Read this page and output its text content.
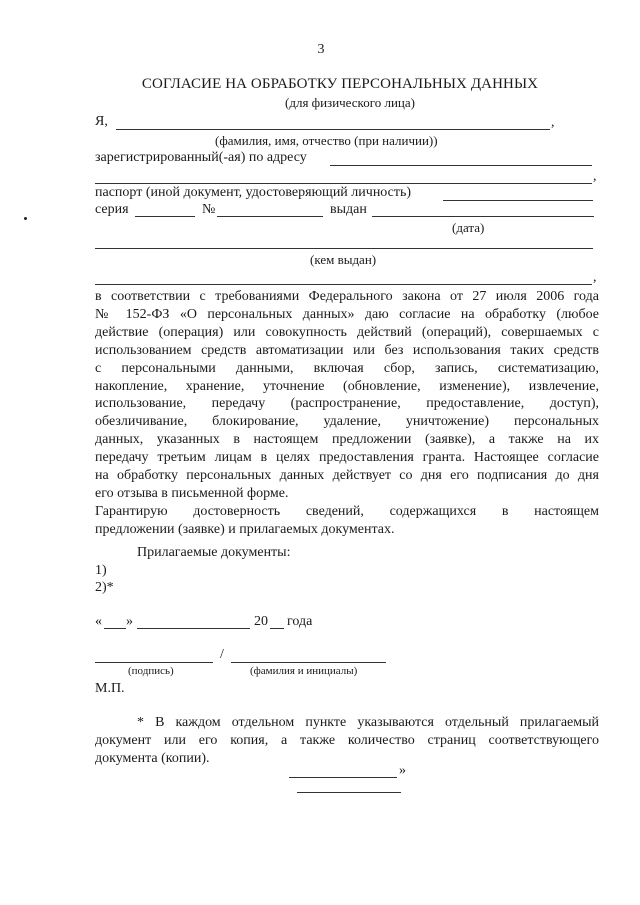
3
СОГЛАСИЕ НА ОБРАБОТКУ ПЕРСОНАЛЬНЫХ ДАННЫХ
(для физического лица)
Я,	,
(фамилия, имя, отчество (при наличии))
зарегистрированный(-ая) по адресу
,
паспорт (иной документ, удостоверяющий личность)
серия	№	выдан
(дата)
(кем выдан)
,
в соответствии с требованиями Федерального закона от 27 июля 2006 года
№ 152-ФЗ «О персональных данных» даю согласие на обработку (любое
действие (операция) или совокупность действий (операций), совершаемых с
использованием средств автоматизации или без использования таких средств
с персональными данными, включая сбор, запись, систематизацию,
накопление, хранение, уточнение (обновление, изменение), извлечение,
использование, передачу (распространение, предоставление, доступ),
обезличивание, блокирование, удаление, уничтожение) персональных
данных, указанных в настоящем предложении (заявке), а также на их
передачу третьим лицам в целях предоставления гранта. Настоящее согласие
на обработку персональных данных действует со дня его подписания до дня
его отзыва в письменной форме.
Гарантирую достоверность сведений, содержащихся в настоящем
предложении (заявке) и прилагаемых документах.
Прилагаемые документы:
1)
2)*
« »	20 года
/
(подпись)	(фамилия и инициалы)
М.П.
* В каждом отдельном пункте указываются отдельный прилагаемый
документ или его копия, а также количество страниц соответствующего
документа (копии).
»
